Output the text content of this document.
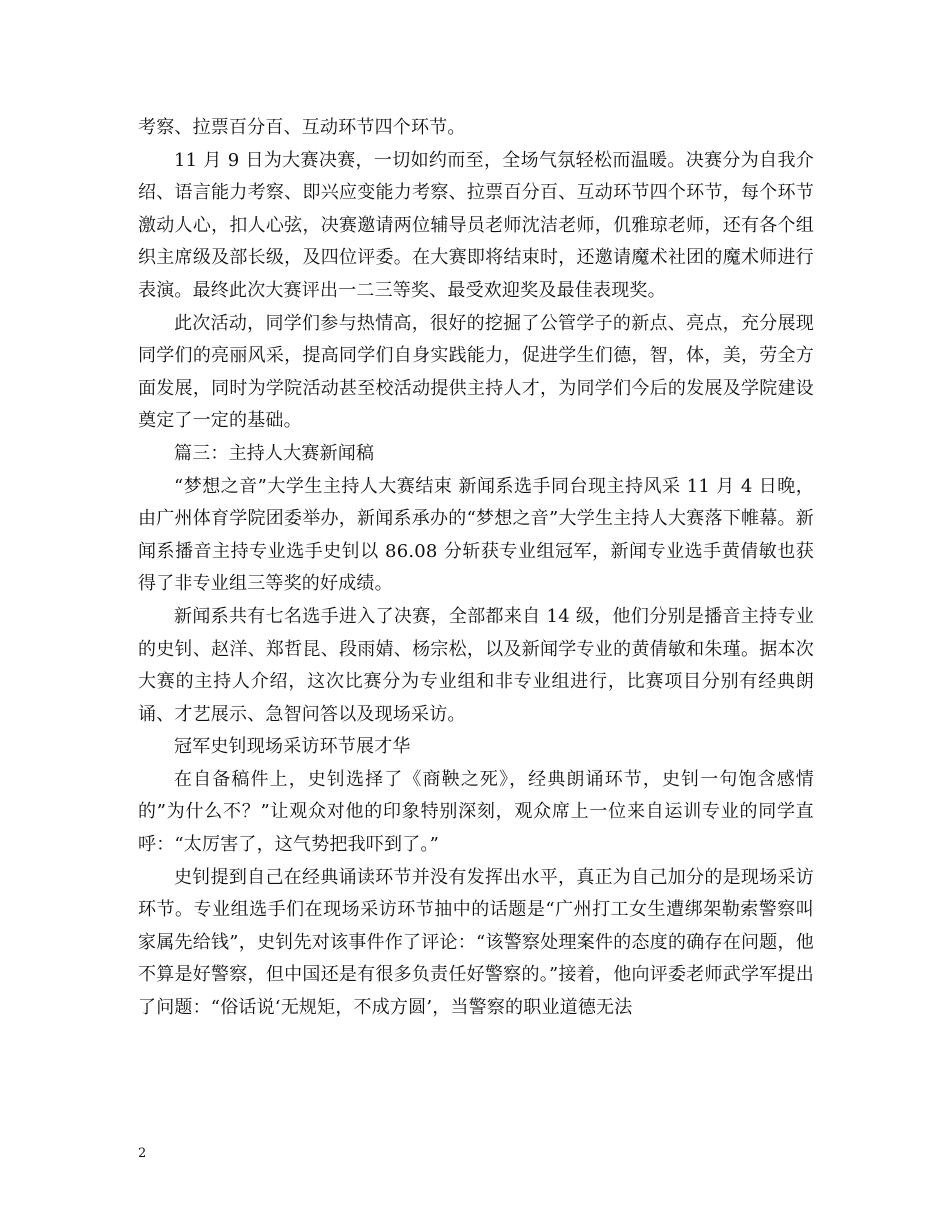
考察、拉票百分百、互动环节四个环节。

11 月 9 日为大赛决赛，一切如约而至，全场气氛轻松而温暖。决赛分为自我介绍、语言能力考察、即兴应变能力考察、拉票百分百、互动环节四个环节，每个环节激动人心，扣人心弦，决赛邀请两位辅导员老师沈洁老师，仉雅琼老师，还有各个组织主席级及部长级，及四位评委。在大赛即将结束时，还邀请魔术社团的魔术师进行表演。最终此次大赛评出一二三等奖、最受欢迎奖及最佳表现奖。

此次活动，同学们参与热情高，很好的挖掘了公管学子的新点、亮点，充分展现同学们的亮丽风采，提高同学们自身实践能力，促进学生们德，智，体，美，劳全方面发展，同时为学院活动甚至校活动提供主持人才，为同学们今后的发展及学院建设奠定了一定的基础。

篇三：主持人大赛新闻稿

“梦想之音”大学生主持人大赛结束 新闻系选手同台现主持风采 11 月 4 日晚，由广州体育学院团委举办，新闻系承办的“梦想之音”大学生主持人大赛落下帷幕。新闻系播音主持专业选手史钊以 86.08 分斩获专业组冠军，新闻专业选手黄倩敏也获得了非专业组三等奖的好成绩。

新闻系共有七名选手进入了决赛，全部都来自 14 级，他们分别是播音主持专业的史钊、赵洋、郑哲昆、段雨婧、杨宗松，以及新闻学专业的黄倩敏和朱瑾。据本次大赛的主持人介绍，这次比赛分为专业组和非专业组进行，比赛项目分别有经典朗诵、才艺展示、急智问答以及现场采访。

冠军史钊现场采访环节展才华

在自备稿件上，史钊选择了《商鞅之死》，经典朗诵环节，史钊一句饱含感情的”为什么不？”让观众对他的印象特别深刻，观众席上一位来自运训专业的同学直呼：“太厉害了，这气势把我吓到了。”

史钊提到自己在经典诵读环节并没有发挥出水平，真正为自己加分的是现场采访环节。专业组选手们在现场采访环节抽中的话题是“广州打工女生遭绑架勒索警察叫家属先给钱”，史钊先对该事件作了评论：“该警察处理案件的态度的确存在问题，他不算是好警察，但中国还是有很多负责任好警察的。”接着，他向评委老师武学军提出了问题：“俗话说‘无规矩，不成方圆’，当警察的职业道德无法

2
